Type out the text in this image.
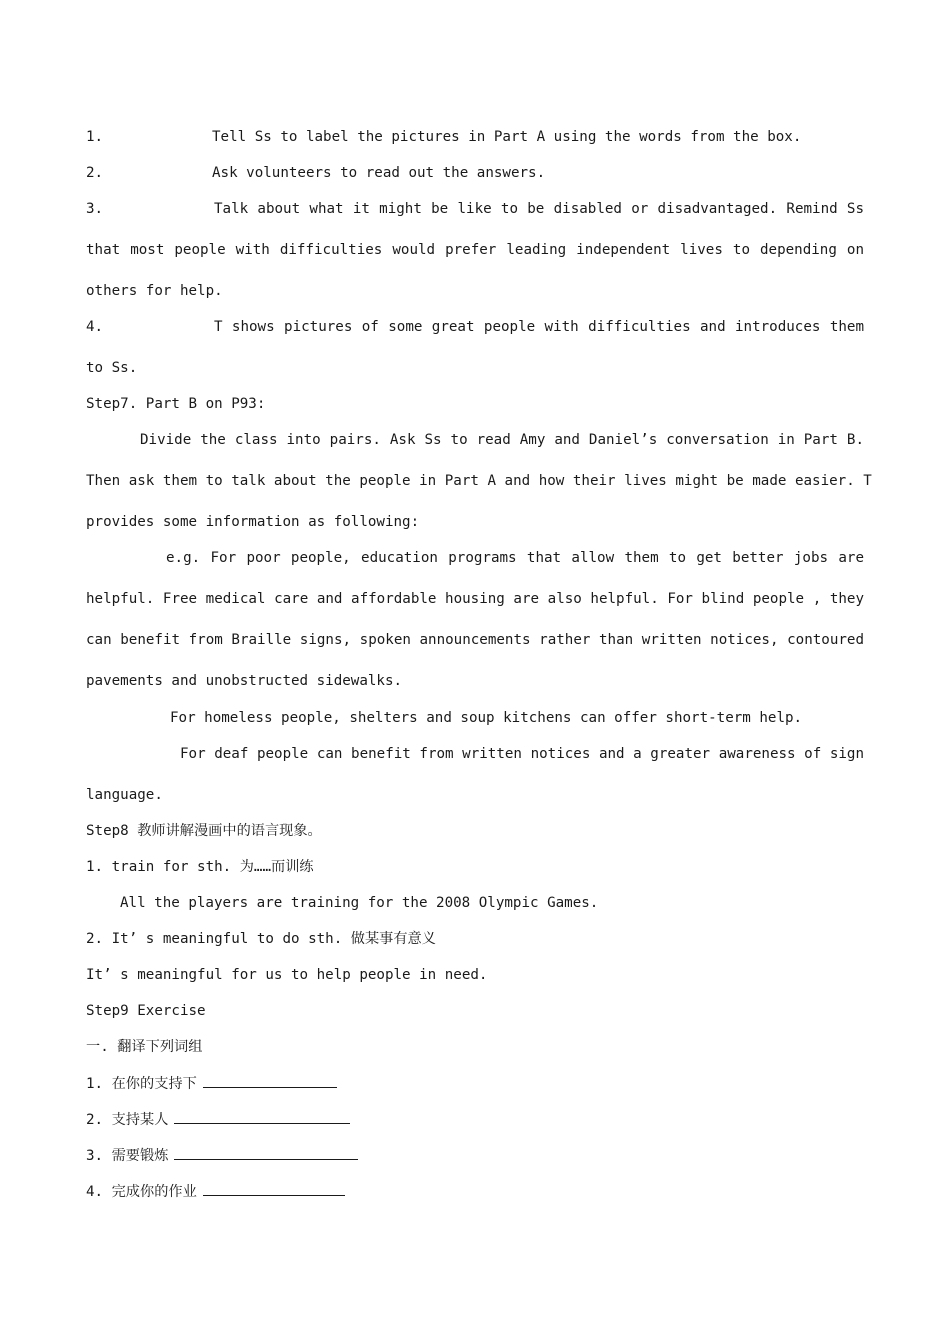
1.	Tell Ss to label the pictures in Part A using the words from the box.
2.	Ask volunteers to read out the answers.
3.	Talk about what it might be like to be disabled or disadvantaged. Remind Ss
that most people with difficulties would prefer leading independent lives to depending on
others for help.
4.	T shows pictures of some great people with difficulties and introduces them
to Ss.
Step7. Part B on P93:
Divide the class into pairs. Ask Ss to read Amy and Daniel’s conversation in Part B.
Then ask them to talk about the people in Part A and how their lives might be made easier. T
provides some information as following:
e.g. For poor people, education programs that allow them to get better jobs are
helpful. Free medical care and affordable housing are also helpful. For blind people , they
can benefit from Braille signs, spoken announcements rather than written notices, contoured
pavements and unobstructed sidewalks.
For homeless people, shelters and soup kitchens can offer short-term help.
For deaf people can benefit from written notices and a greater awareness of sign
language.
Step8 教师讲解漫画中的语言现象。
1. train for sth. 为……而训练
All the players are training for the 2008 Olympic Games.
2. It’ s meaningful to do sth. 做某事有意义
It’ s meaningful for us to help people in need.
Step9 Exercise
一. 翻译下列词组
1. 在你的支持下
2. 支持某人
3. 需要锻炼
4. 完成你的作业
